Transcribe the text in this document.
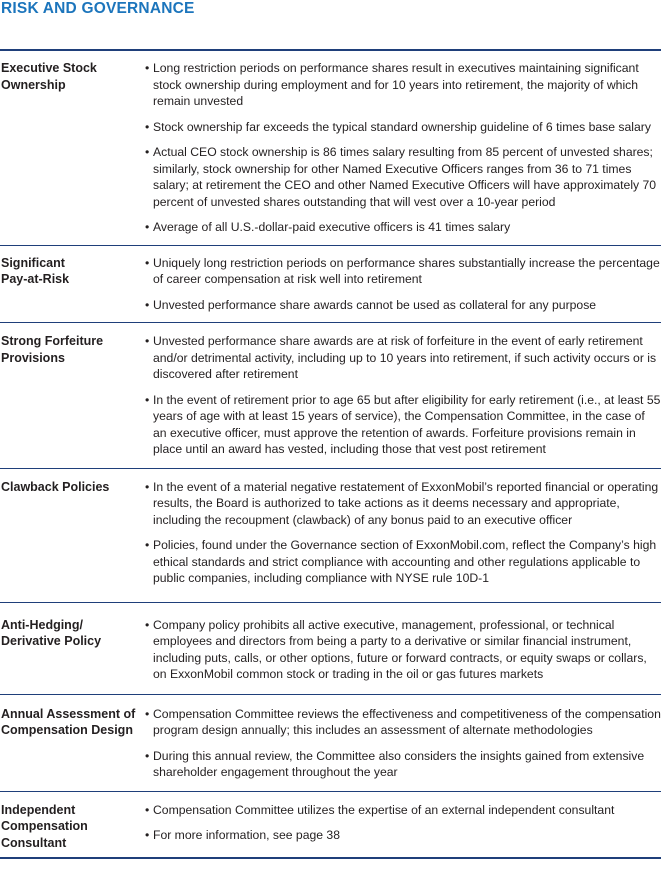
RISK AND GOVERNANCE
Executive Stock Ownership
• Long restriction periods on performance shares result in executives maintaining significant stock ownership during employment and for 10 years into retirement, the majority of which remain unvested
• Stock ownership far exceeds the typical standard ownership guideline of 6 times base salary
• Actual CEO stock ownership is 86 times salary resulting from 85 percent of unvested shares; similarly, stock ownership for other Named Executive Officers ranges from 36 to 71 times salary; at retirement the CEO and other Named Executive Officers will have approximately 70 percent of unvested shares outstanding that will vest over a 10-year period
• Average of all U.S.-dollar-paid executive officers is 41 times salary
Significant Pay-at-Risk
• Uniquely long restriction periods on performance shares substantially increase the percentage of career compensation at risk well into retirement
• Unvested performance share awards cannot be used as collateral for any purpose
Strong Forfeiture Provisions
• Unvested performance share awards are at risk of forfeiture in the event of early retirement and/or detrimental activity, including up to 10 years into retirement, if such activity occurs or is discovered after retirement
• In the event of retirement prior to age 65 but after eligibility for early retirement (i.e., at least 55 years of age with at least 15 years of service), the Compensation Committee, in the case of an executive officer, must approve the retention of awards. Forfeiture provisions remain in place until an award has vested, including those that vest post retirement
Clawback Policies
•	In the event of a material negative restatement of ExxonMobil’s reported financial or operating results, the Board is authorized to take actions as it deems necessary and appropriate, including the recoupment (clawback) of any bonus paid to an executive officer
• Policies, found under the Governance section of ExxonMobil.com, reflect the Company’s high ethical standards and strict compliance with accounting and other regulations applicable to public companies, including compliance with NYSE rule 10D-1
Anti-Hedging/ Derivative Policy
• Company policy prohibits all active executive, management, professional, or technical employees and directors from being a party to a derivative or similar financial instrument, including puts, calls, or other options, future or forward contracts, or equity swaps or collars, on ExxonMobil common stock or trading in the oil or gas futures markets
Annual Assessment of Compensation Design
• Compensation Committee reviews the effectiveness and competitiveness of the compensation program design annually; this includes an assessment of alternate methodologies
• During this annual review, the Committee also considers the insights gained from extensive shareholder engagement throughout the year
Independent Compensation Consultant
• Compensation Committee utilizes the expertise of an external independent consultant
• For more information, see page 38
